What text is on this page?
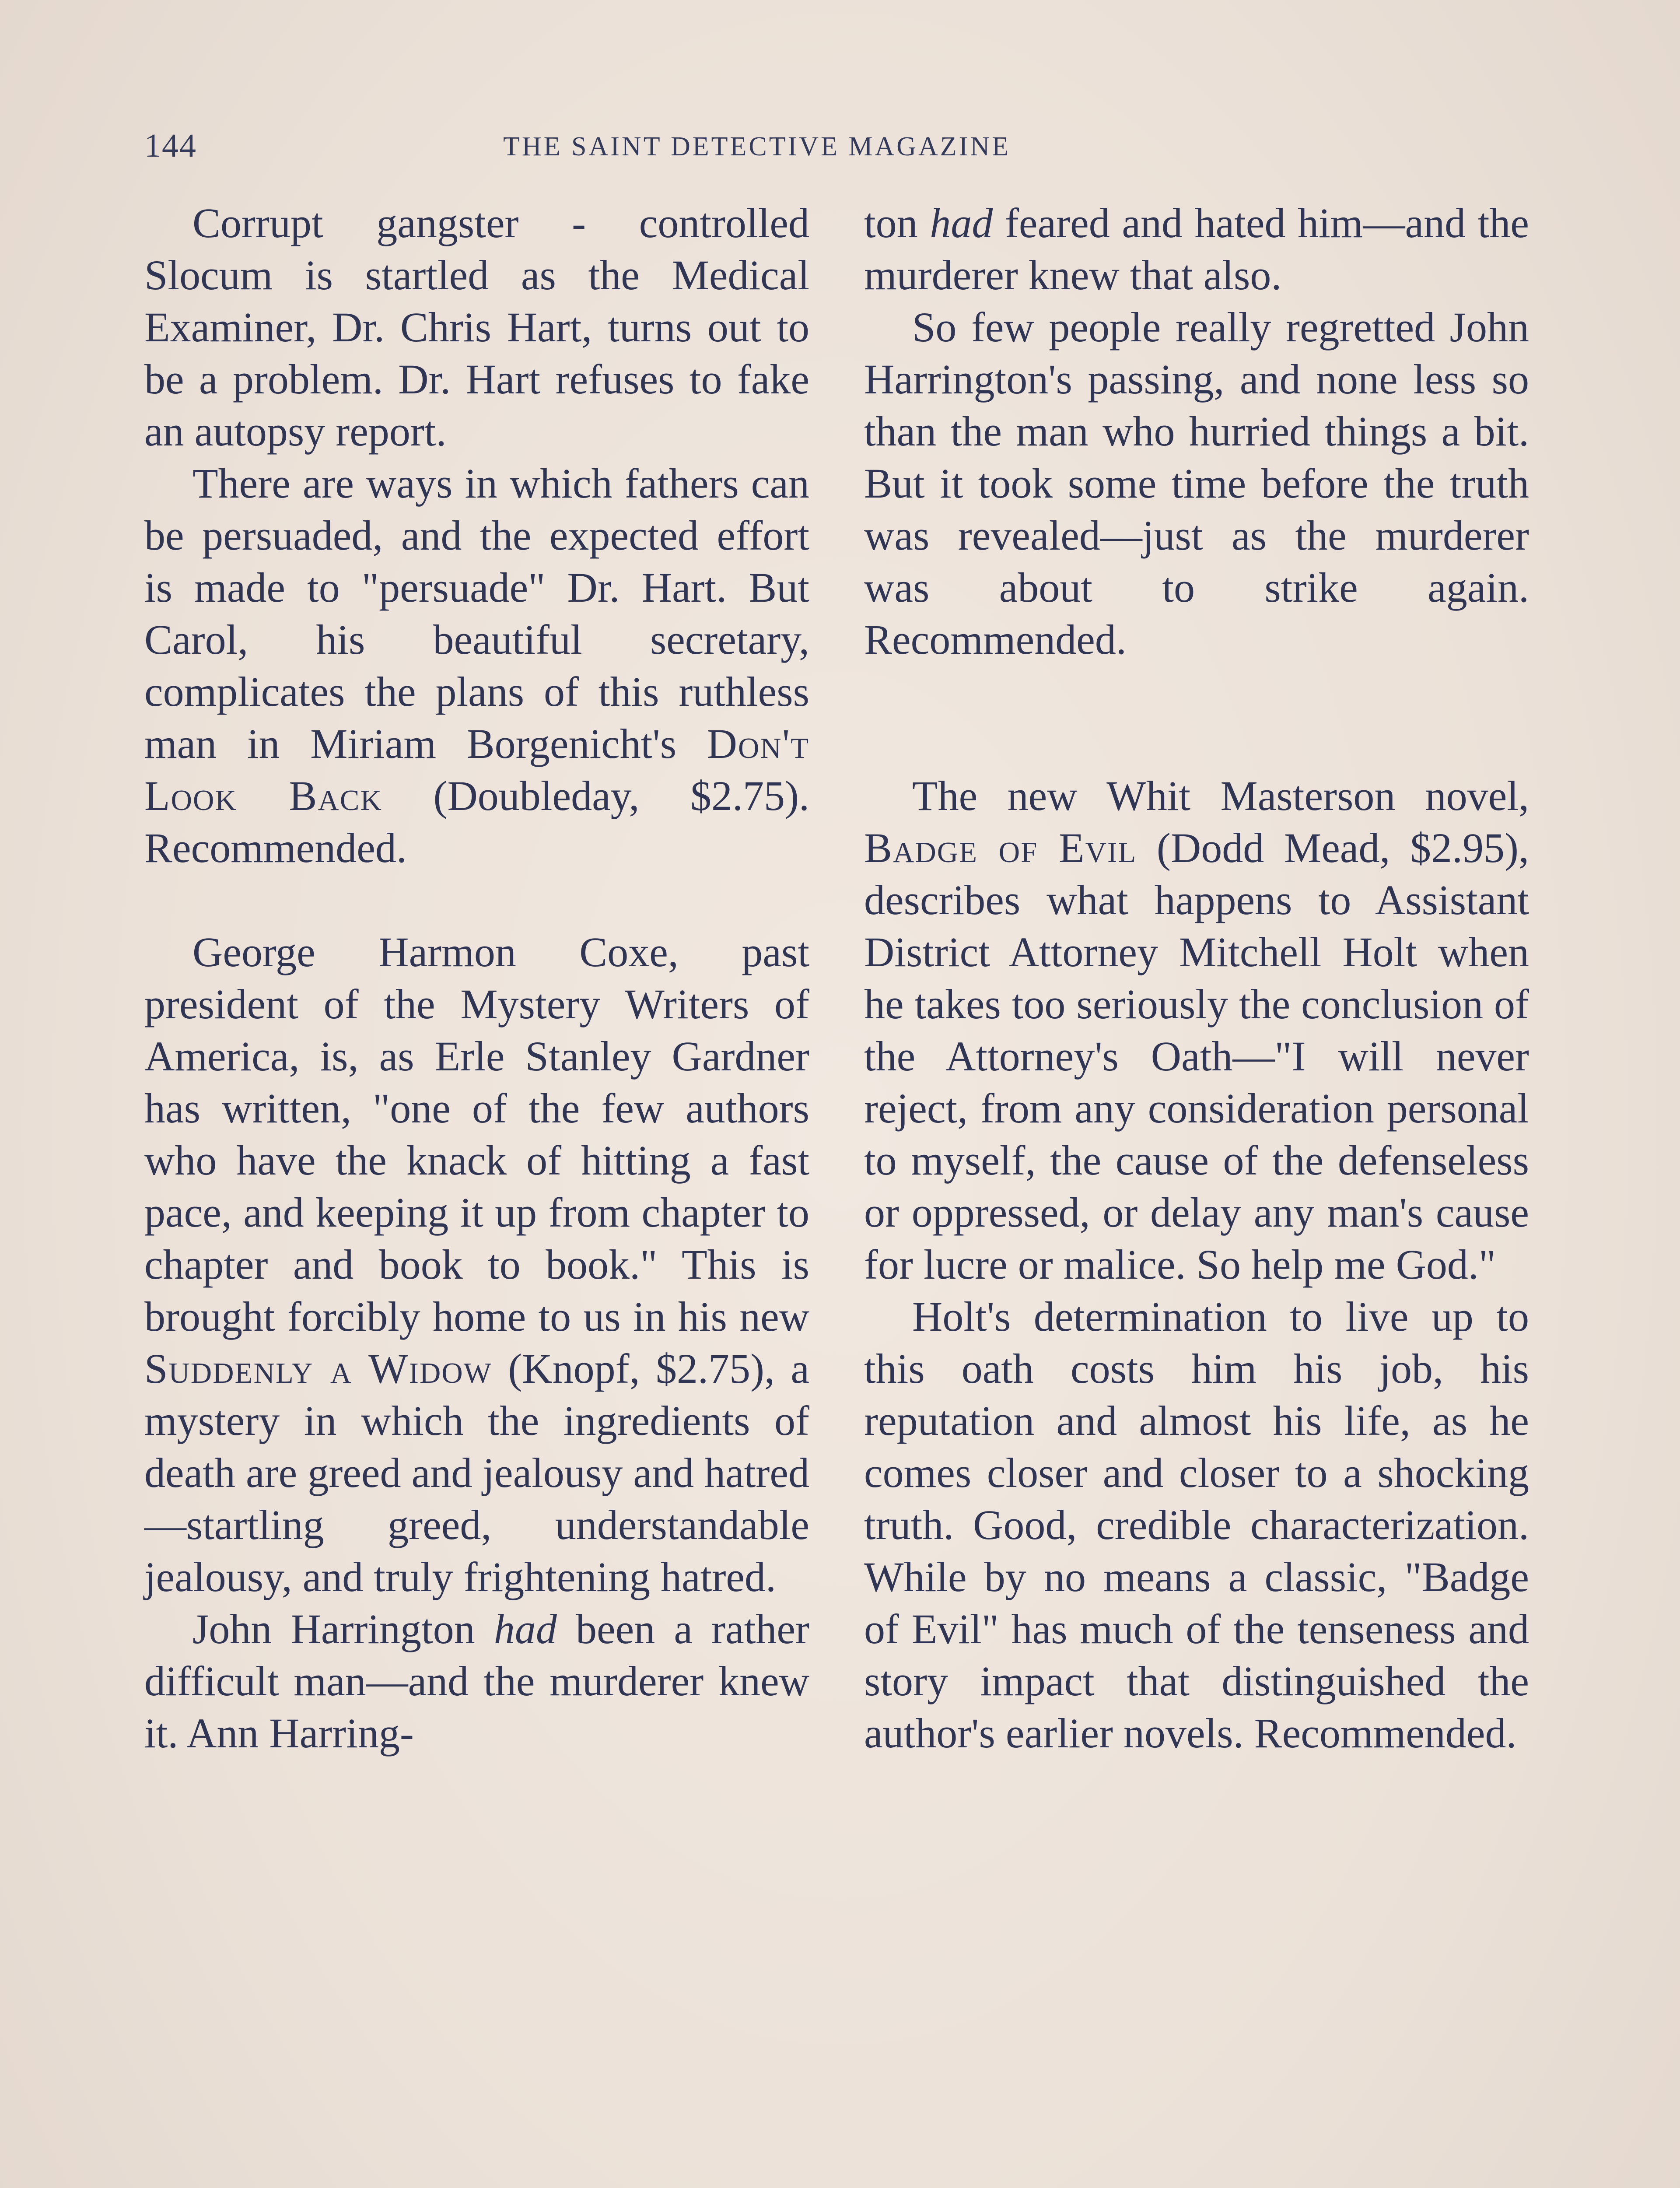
144	THE SAINT DETECTIVE MAGAZINE

Corrupt gangster - controlled Slocum is startled as the Medical Examiner, Dr. Chris Hart, turns out to be a problem. Dr. Hart refuses to fake an autopsy report.

There are ways in which fathers can be persuaded, and the expected effort is made to "persuade" Dr. Hart. But Carol, his beautiful secretary, complicates the plans of this ruthless man in Miriam Borgenicht's Don't Look Back (Doubleday, $2.75). Recommended.

George Harmon Coxe, past president of the Mystery Writers of America, is, as Erle Stanley Gardner has written, "one of the few authors who have the knack of hitting a fast pace, and keeping it up from chapter to chapter and book to book." This is brought forcibly home to us in his new Suddenly a Widow (Knopf, $2.75), a mystery in which the ingredients of death are greed and jealousy and hatred—startling greed, understandable jealousy, and truly frightening hatred.

John Harrington had been a rather difficult man—and the murderer knew it. Ann Harring-

ton had feared and hated him—and the murderer knew that also.

So few people really regretted John Harrington's passing, and none less so than the man who hurried things a bit. But it took some time before the truth was revealed—just as the murderer was about to strike again. Recommended.

The new Whit Masterson novel, Badge of Evil (Dodd Mead, $2.95), describes what happens to Assistant District Attorney Mitchell Holt when he takes too seriously the conclusion of the Attorney's Oath—"I will never reject, from any consideration personal to myself, the cause of the defenseless or oppressed, or delay any man's cause for lucre or malice. So help me God."

Holt's determination to live up to this oath costs him his job, his reputation and almost his life, as he comes closer and closer to a shocking truth. Good, credible characterization. While by no means a classic, "Badge of Evil" has much of the tenseness and story impact that distinguished the author's earlier novels. Recommended.
